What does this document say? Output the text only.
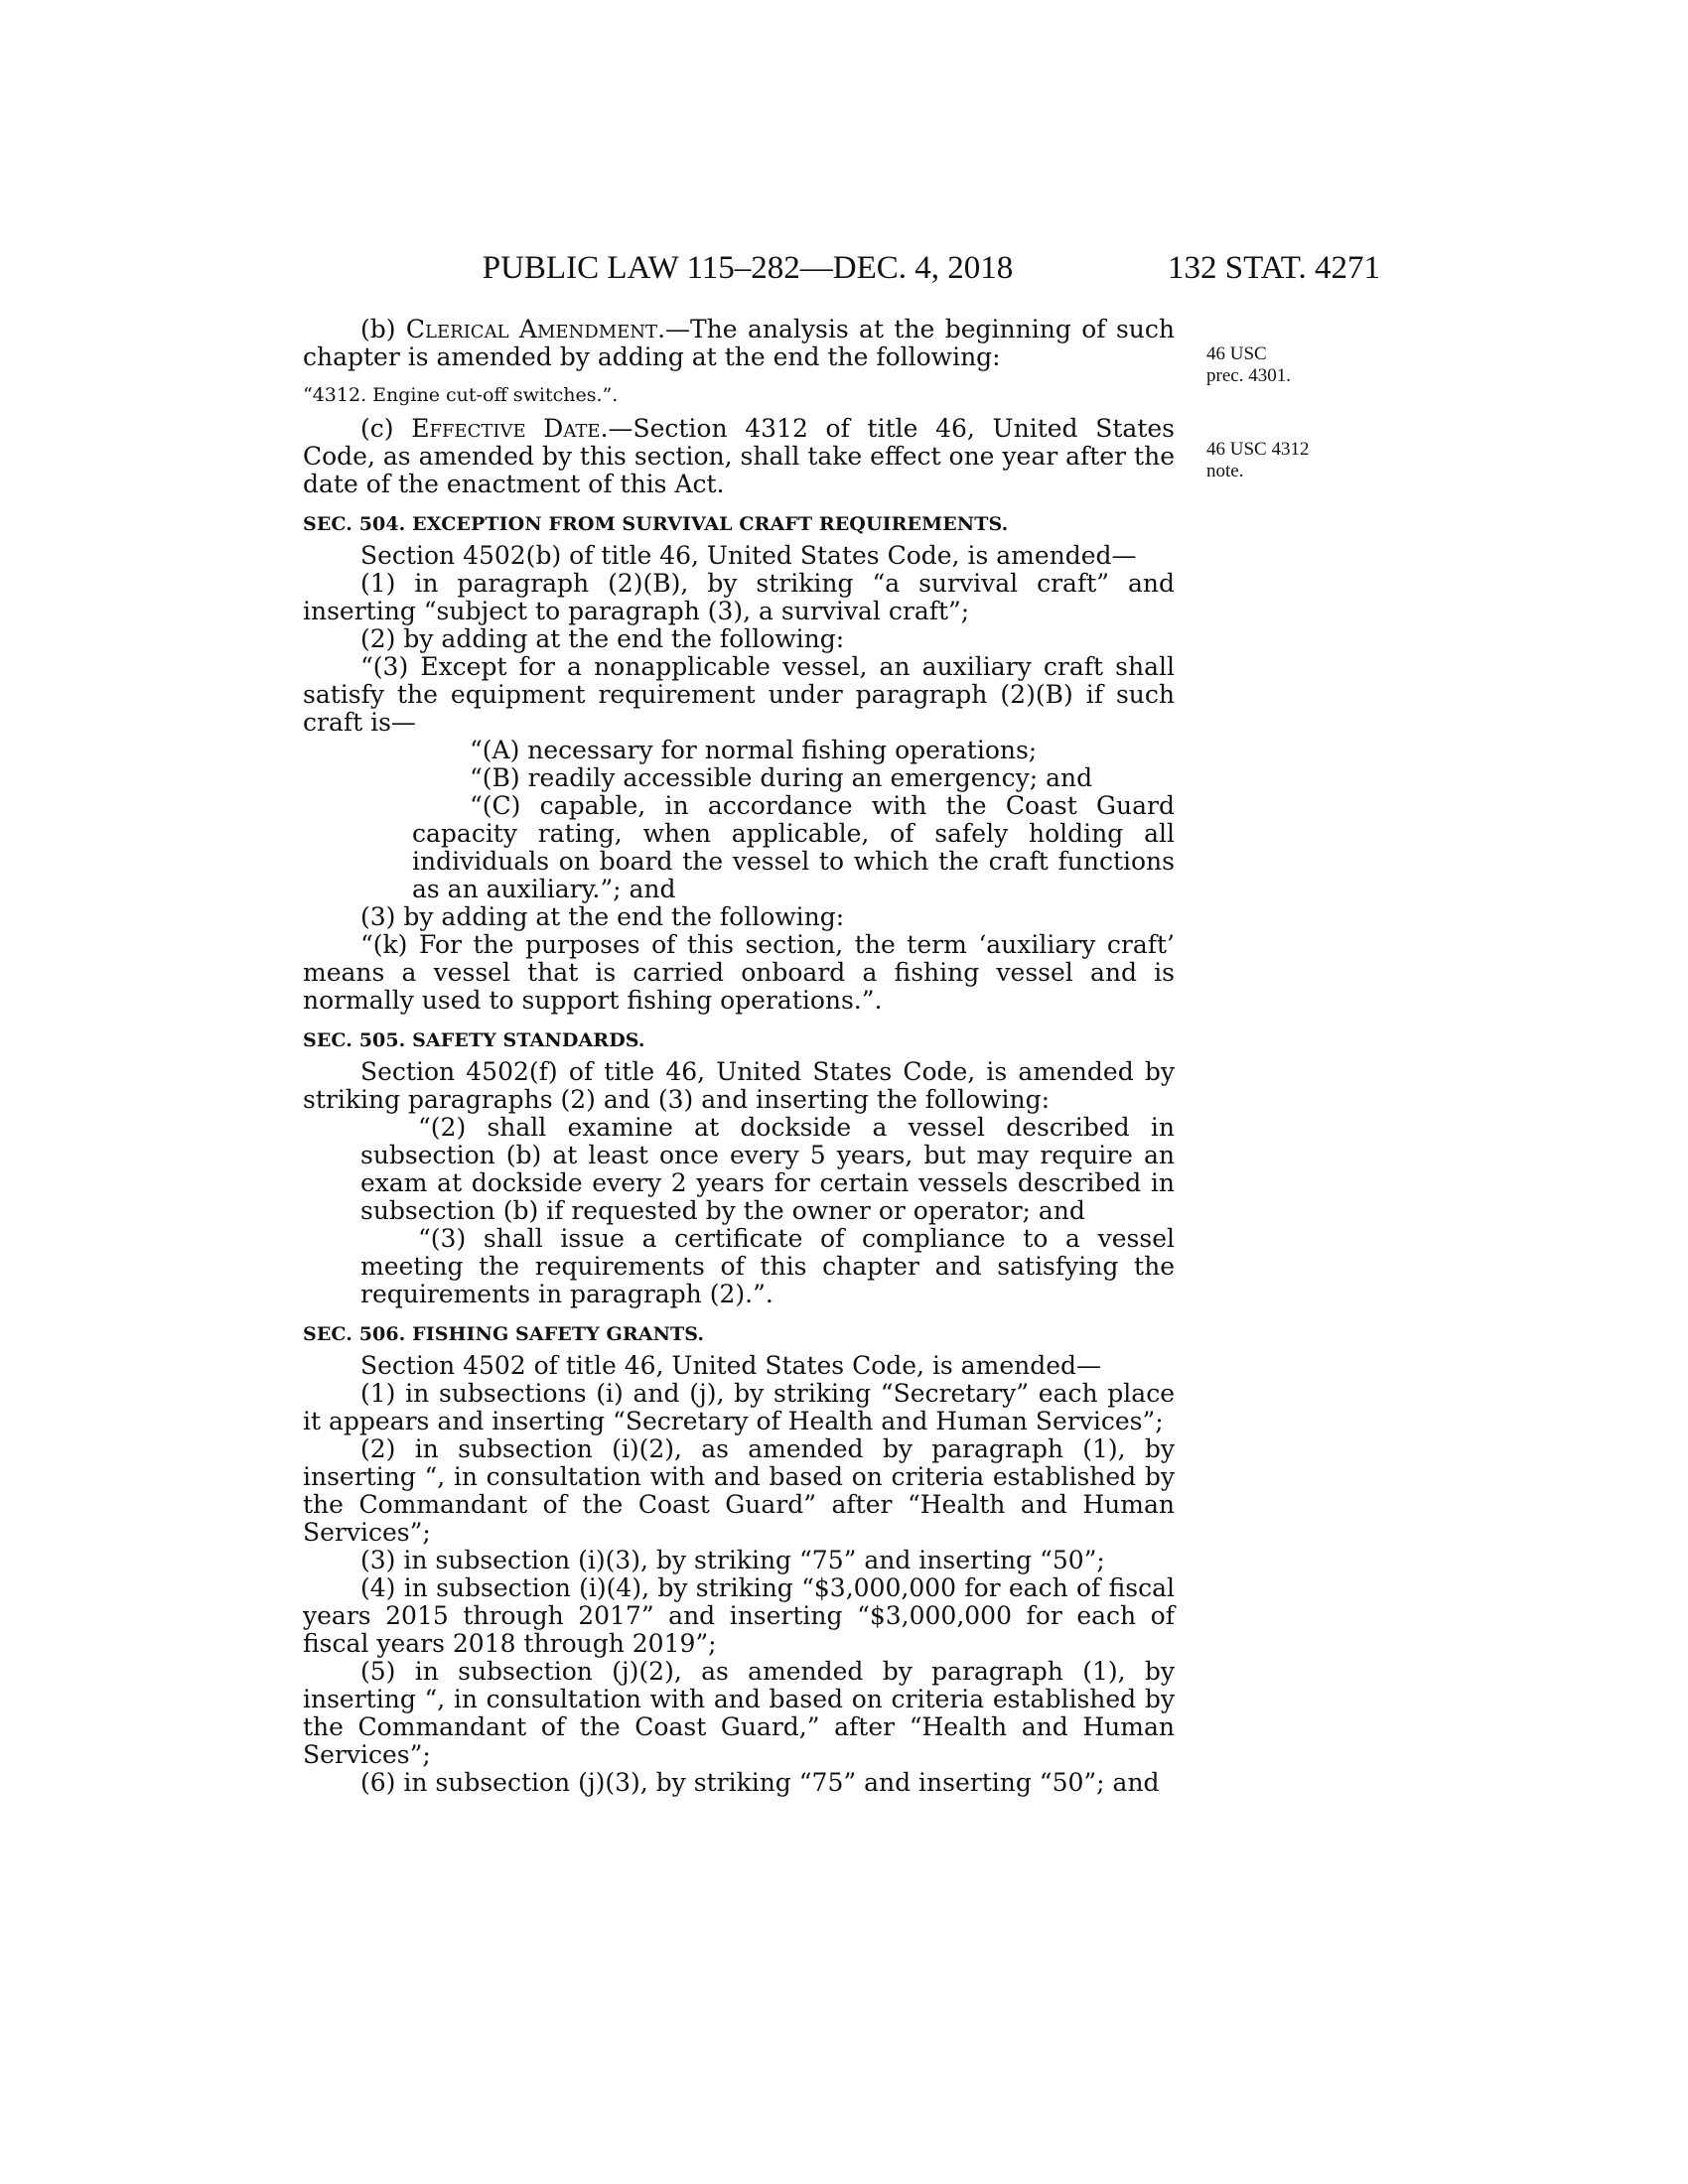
PUBLIC LAW 115–282—DEC. 4, 2018	132 STAT. 4271
46 USC
prec. 4301.
46 USC 4312
note.

(b) Clerical Amendment.—The analysis at the beginning of such chapter is amended by adding at the end the following:

“4312. Engine cut-off switches.”.

(c) Effective Date.—Section 4312 of title 46, United States Code, as amended by this section, shall take effect one year after the date of the enactment of this Act.

SEC. 504. EXCEPTION FROM SURVIVAL CRAFT REQUIREMENTS.

Section 4502(b) of title 46, United States Code, is amended—

(1) in paragraph (2)(B), by striking “a survival craft” and inserting “subject to paragraph (3), a survival craft”;

(2) by adding at the end the following:

“(3) Except for a nonapplicable vessel, an auxiliary craft shall satisfy the equipment requirement under paragraph (2)(B) if such craft is—

“(A) necessary for normal fishing operations;

“(B) readily accessible during an emergency; and

“(C) capable, in accordance with the Coast Guard capacity rating, when applicable, of safely holding all individuals on board the vessel to which the craft functions as an auxiliary.”; and

(3) by adding at the end the following:

“(k) For the purposes of this section, the term ‘auxiliary craft’ means a vessel that is carried onboard a fishing vessel and is normally used to support fishing operations.”.

SEC. 505. SAFETY STANDARDS.

Section 4502(f) of title 46, United States Code, is amended by striking paragraphs (2) and (3) and inserting the following:

“(2) shall examine at dockside a vessel described in subsection (b) at least once every 5 years, but may require an exam at dockside every 2 years for certain vessels described in subsection (b) if requested by the owner or operator; and

“(3) shall issue a certificate of compliance to a vessel meeting the requirements of this chapter and satisfying the requirements in paragraph (2).”.

SEC. 506. FISHING SAFETY GRANTS.

Section 4502 of title 46, United States Code, is amended—

(1) in subsections (i) and (j), by striking “Secretary” each place it appears and inserting “Secretary of Health and Human Services”;

(2) in subsection (i)(2), as amended by paragraph (1), by inserting “, in consultation with and based on criteria established by the Commandant of the Coast Guard” after “Health and Human Services”;

(3) in subsection (i)(3), by striking “75” and inserting “50”;

(4) in subsection (i)(4), by striking “$3,000,000 for each of fiscal years 2015 through 2017” and inserting “$3,000,000 for each of fiscal years 2018 through 2019”;

(5) in subsection (j)(2), as amended by paragraph (1), by inserting “, in consultation with and based on criteria established by the Commandant of the Coast Guard,” after “Health and Human Services”;

(6) in subsection (j)(3), by striking “75” and inserting “50”; and
